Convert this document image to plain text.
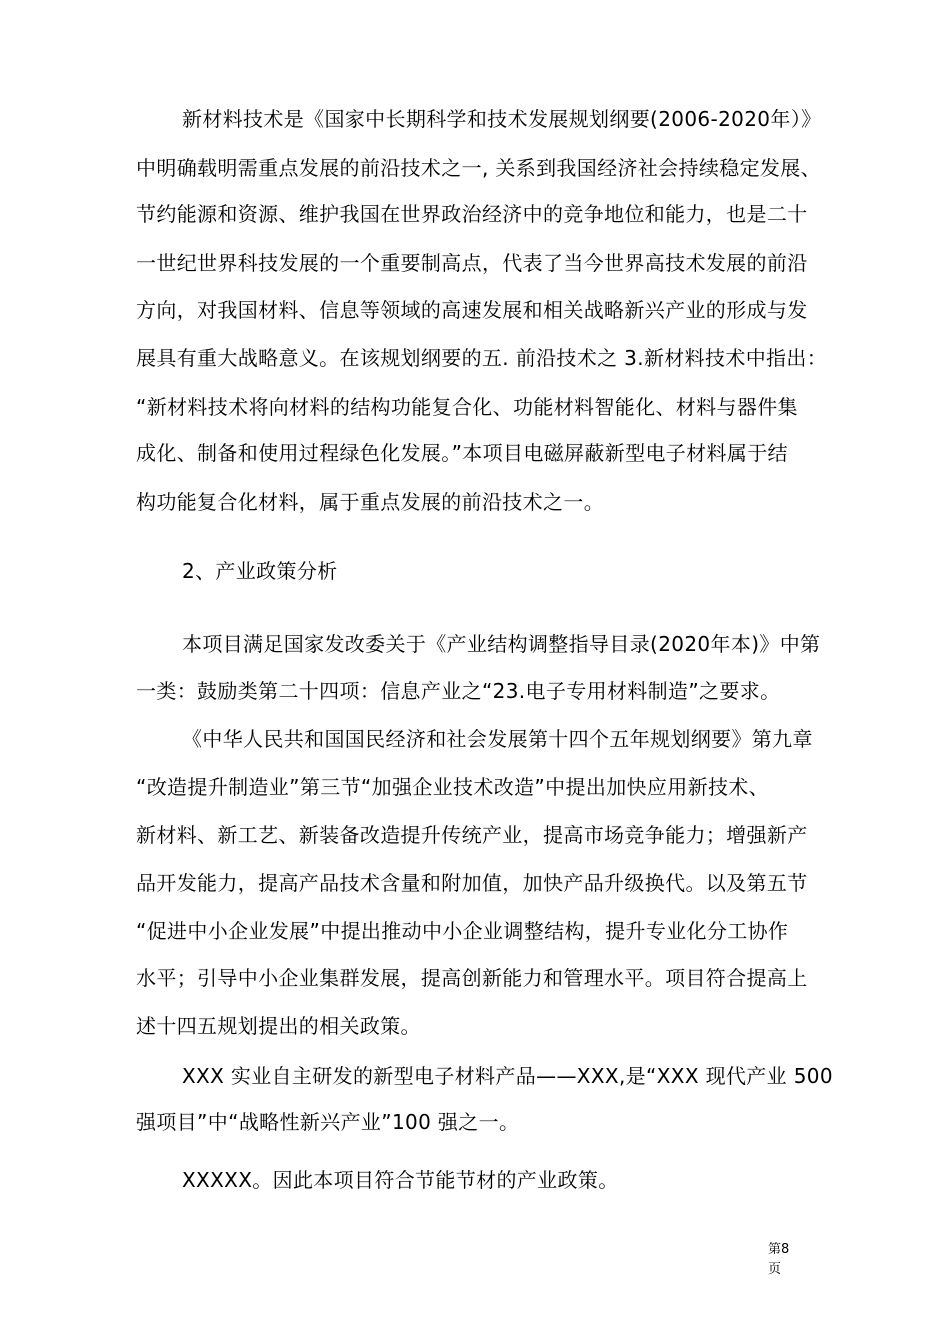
新材料技术是《国家中长期科学和技术发展规划纲要(2006-2020年）》

中明确载明需重点发展的前沿技术之一, 关系到我国经济社会持续稳定发展、

节约能源和资源、维护我国在世界政治经济中的竞争地位和能力，也是二十

一世纪世界科技发展的一个重要制高点，代表了当今世界高技术发展的前沿

方向，对我国材料、信息等领域的高速发展和相关战略新兴产业的形成与发

展具有重大战略意义。在该规划纲要的五. 前沿技术之 3.新材料技术中指出：

“新材料技术将向材料的结构功能复合化、功能材料智能化、材料与器件集

成化、制备和使用过程绿色化发展。”本项目电磁屏蔽新型电子材料属于结

构功能复合化材料，属于重点发展的前沿技术之一。

2、产业政策分析

本项目满足国家发改委关于《产业结构调整指导目录(2020年本)》中第

一类：鼓励类第二十四项：信息产业之“23.电子专用材料制造”之要求。

《中华人民共和国国民经济和社会发展第十四个五年规划纲要》第九章

“改造提升制造业”第三节“加强企业技术改造”中提出加快应用新技术、

新材料、新工艺、新装备改造提升传统产业，提高市场竞争能力；增强新产

品开发能力，提高产品技术含量和附加值，加快产品升级换代。以及第五节

“促进中小企业发展”中提出推动中小企业调整结构，提升专业化分工协作

水平；引导中小企业集群发展，提高创新能力和管理水平。项目符合提高上

述十四五规划提出的相关政策。

XXX 实业自主研发的新型电子材料产品——XXX,是“XXX 现代产业 500

强项目”中“战略性新兴产业”100 强之一。

XXXXX。因此本项目符合节能节材的产业政策。

第8
页
